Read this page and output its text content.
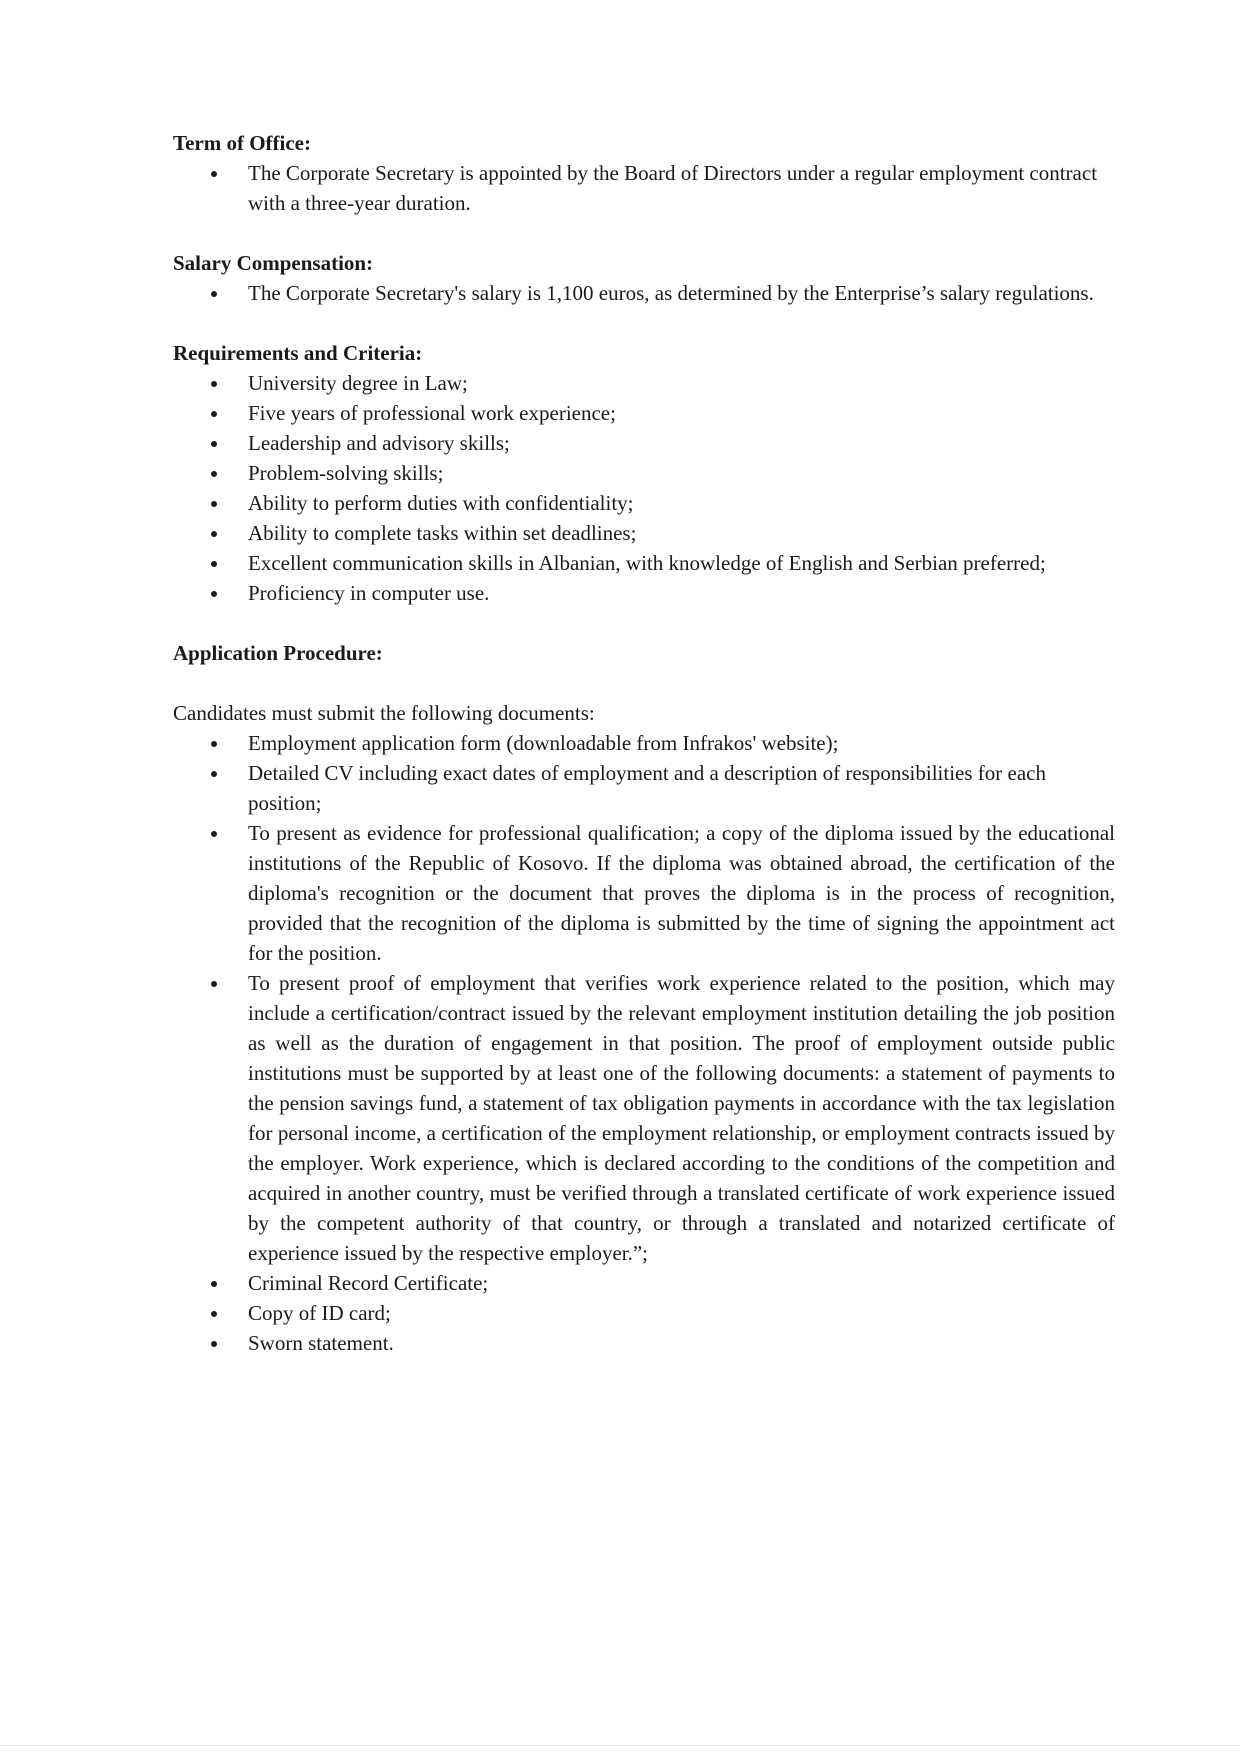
Term of Office:

The Corporate Secretary is appointed by the Board of Directors under a regular employment contract with a three-year duration.

Salary Compensation:

The Corporate Secretary's salary is 1,100 euros, as determined by the Enterprise’s salary regulations.

Requirements and Criteria:

University degree in Law;
Five years of professional work experience;
Leadership and advisory skills;
Problem-solving skills;
Ability to perform duties with confidentiality;
Ability to complete tasks within set deadlines;
Excellent communication skills in Albanian, with knowledge of English and Serbian preferred;
Proficiency in computer use.

Application Procedure:

Candidates must submit the following documents:

Employment application form (downloadable from Infrakos' website);
Detailed CV including exact dates of employment and a description of responsibilities for each position;
To present as evidence for professional qualification; a copy of the diploma issued by the educational institutions of the Republic of Kosovo. If the diploma was obtained abroad, the certification of the diploma's recognition or the document that proves the diploma is in the process of recognition, provided that the recognition of the diploma is submitted by the time of signing the appointment act for the position.
To present proof of employment that verifies work experience related to the position, which may include a certification/contract issued by the relevant employment institution detailing the job position as well as the duration of engagement in that position. The proof of employment outside public institutions must be supported by at least one of the following documents: a statement of payments to the pension savings fund, a statement of tax obligation payments in accordance with the tax legislation for personal income, a certification of the employment relationship, or employment contracts issued by the employer. Work experience, which is declared according to the conditions of the competition and acquired in another country, must be verified through a translated certificate of work experience issued by the competent authority of that country, or through a translated and notarized certificate of experience issued by the respective employer.”;
Criminal Record Certificate;
Copy of ID card;
Sworn statement.
